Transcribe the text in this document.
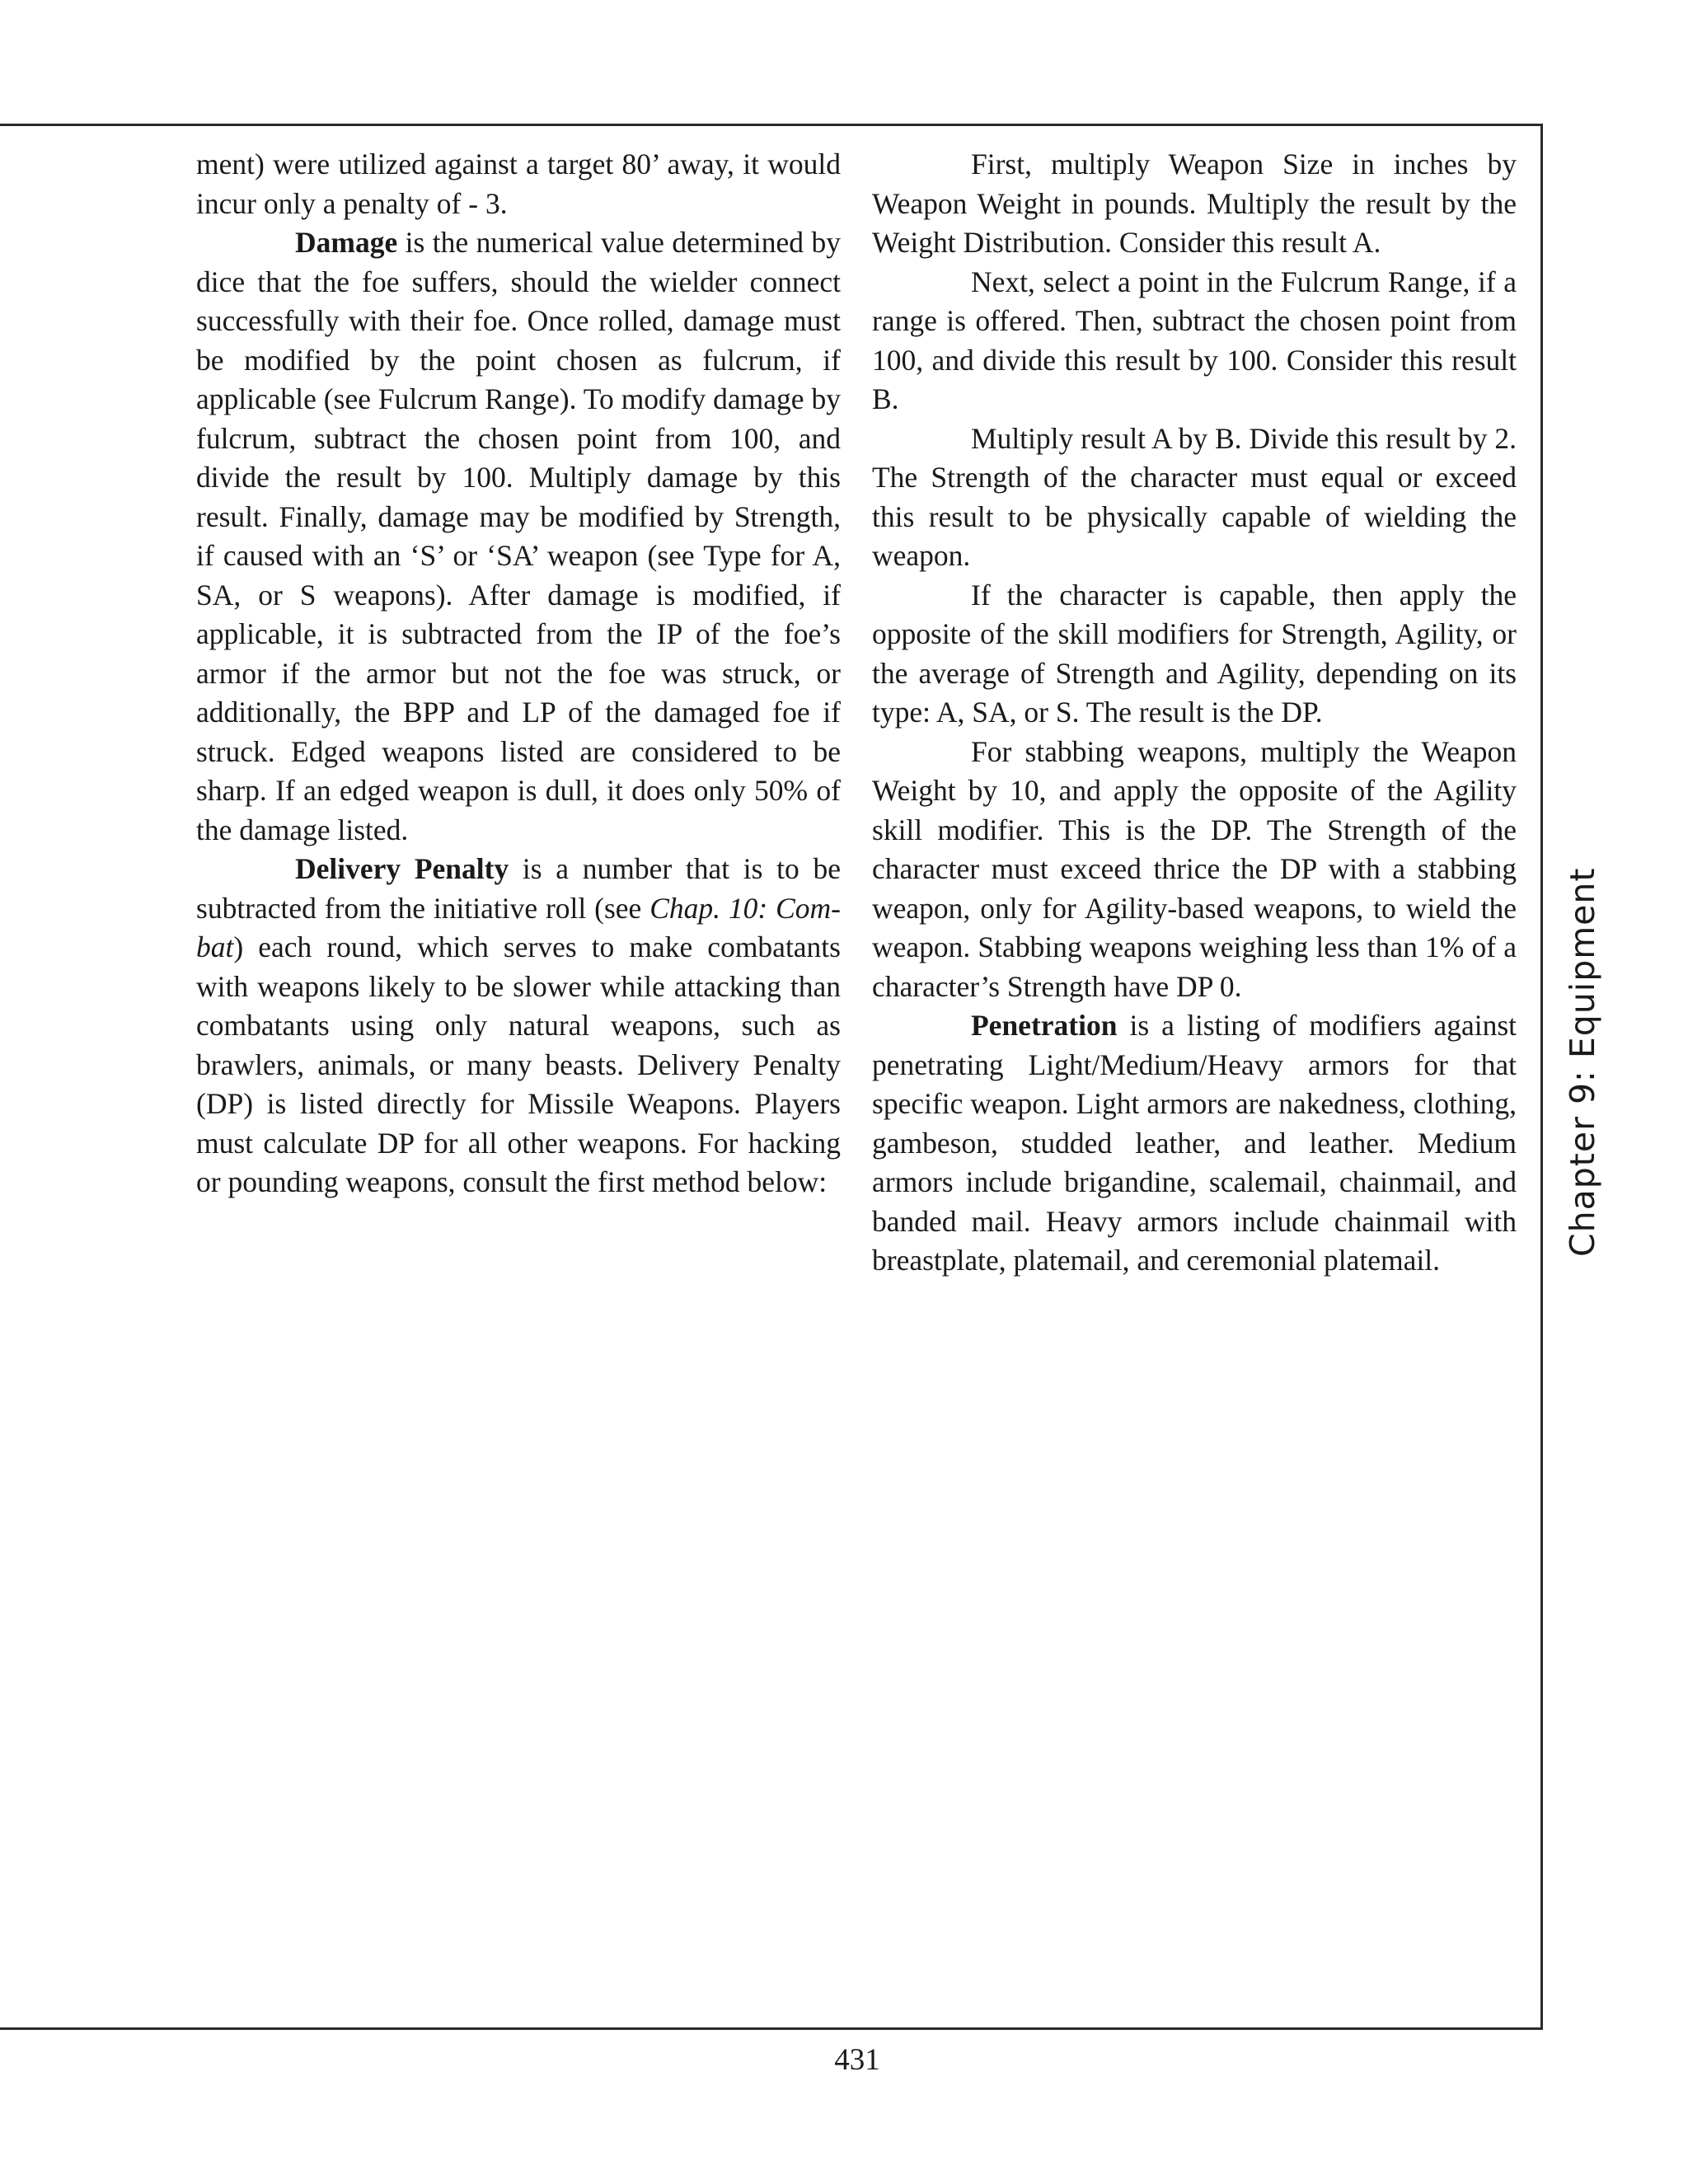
ment) were utilized against a target 80’ away, it would incur only a penalty of - 3.

Damage is the numerical value determined by dice that the foe suffers, should the wielder connect successfully with their foe. Once rolled, damage must be modified by the point chosen as fulcrum, if applicable (see Fulcrum Range). To modify damage by fulcrum, subtract the chosen point from 100, and divide the result by 100. Multiply damage by this result. Finally, damage may be modified by Strength, if caused with an ‘S’ or ‘SA’ weapon (see Type for A, SA, or S weapons). After damage is modified, if applicable, it is subtracted from the IP of the foe’s armor if the armor but not the foe was struck, or additionally, the BPP and LP of the damaged foe if struck. Edged weapons listed are considered to be sharp. If an edged weapon is dull, it does only 50% of the damage listed.

Delivery Penalty is a number that is to be subtracted from the initiative roll (see Chap. 10: Combat) each round, which serves to make combatants with weapons likely to be slower while attacking than combatants using only natural weapons, such as brawlers, animals, or many beasts. Delivery Penalty (DP) is listed directly for Missile Weapons. Players must calculate DP for all other weapons. For hacking or pounding weapons, consult the first method below:

First, multiply Weapon Size in inches by Weapon Weight in pounds. Multiply the result by the Weight Distribution. Consider this result A.

Next, select a point in the Fulcrum Range, if a range is offered. Then, subtract the chosen point from 100, and divide this result by 100. Consider this result B.

Multiply result A by B. Divide this result by 2. The Strength of the character must equal or exceed this result to be physically capable of wielding the weapon.

If the character is capable, then apply the opposite of the skill modifiers for Strength, Agility, or the average of Strength and Agility, depending on its type: A, SA, or S. The result is the DP.

For stabbing weapons, multiply the Weapon Weight by 10, and apply the opposite of the Agility skill modifier. This is the DP. The Strength of the character must exceed thrice the DP with a stabbing weapon, only for Agility-based weapons, to wield the weapon. Stabbing weapons weighing less than 1% of a character’s Strength have DP 0.

Penetration is a listing of modifiers against penetrating Light/Medium/Heavy armors for that specific weapon. Light armors are nakedness, clothing, gambeson, studded leather, and leather. Medium armors include brigandine, scalemail, chainmail, and banded mail. Heavy armors include chainmail with breastplate, platemail, and ceremonial platemail.

Chapter 9: Equipment
431
